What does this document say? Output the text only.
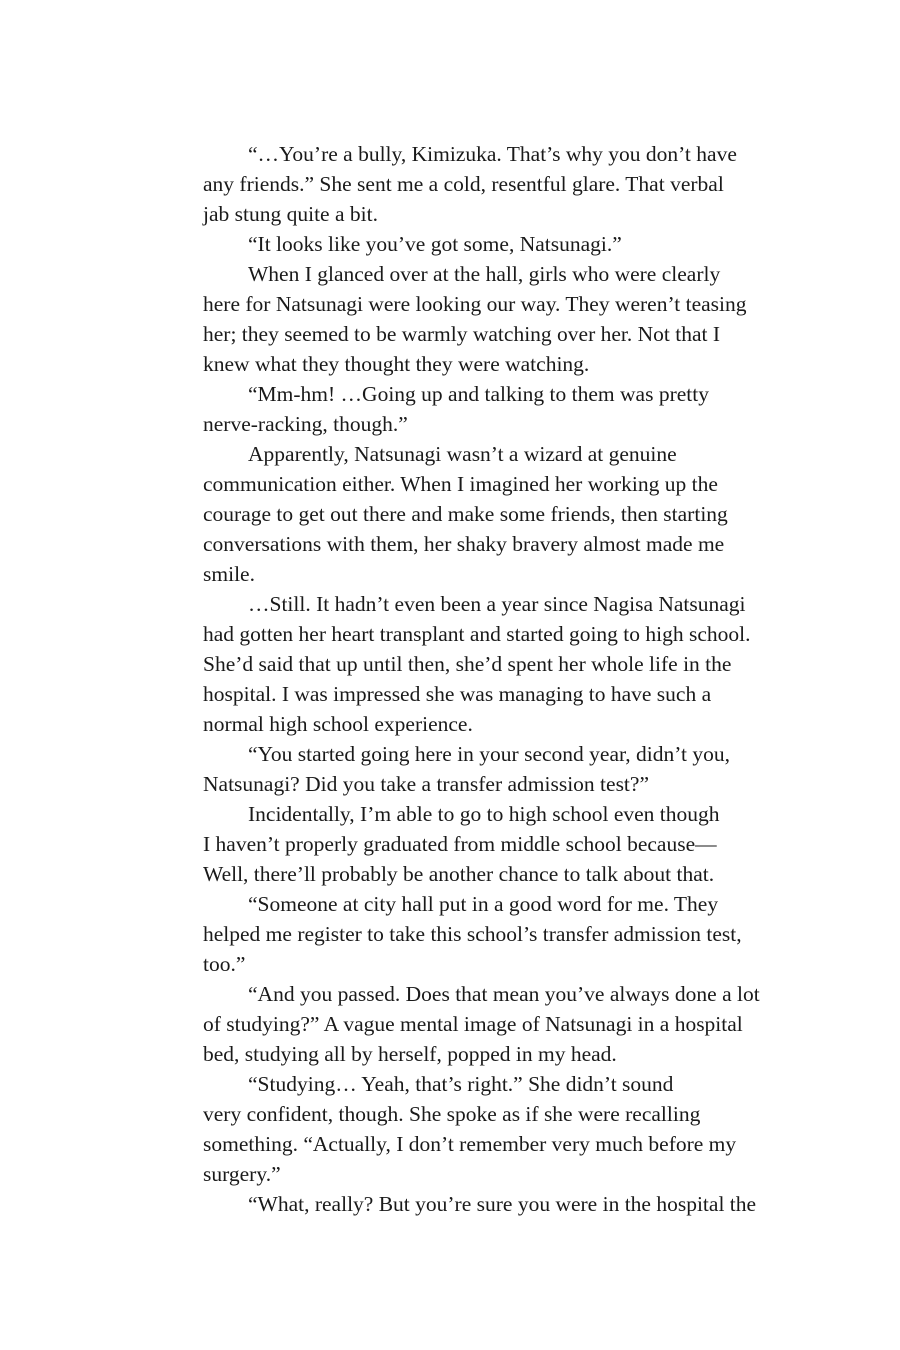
“…You’re a bully, Kimizuka. That’s why you don’t have
any friends.” She sent me a cold, resentful glare. That verbal
jab stung quite a bit.
“It looks like you’ve got some, Natsunagi.”
When I glanced over at the hall, girls who were clearly
here for Natsunagi were looking our way. They weren’t teasing
her; they seemed to be warmly watching over her. Not that I
knew what they thought they were watching.
“Mm-hm! …Going up and talking to them was pretty
nerve-racking, though.”
Apparently, Natsunagi wasn’t a wizard at genuine
communication either. When I imagined her working up the
courage to get out there and make some friends, then starting
conversations with them, her shaky bravery almost made me
smile.
…Still. It hadn’t even been a year since Nagisa Natsunagi
had gotten her heart transplant and started going to high school.
She’d said that up until then, she’d spent her whole life in the
hospital. I was impressed she was managing to have such a
normal high school experience.
“You started going here in your second year, didn’t you,
Natsunagi? Did you take a transfer admission test?”
Incidentally, I’m able to go to high school even though
I haven’t properly graduated from middle school because—
Well, there’ll probably be another chance to talk about that.
“Someone at city hall put in a good word for me. They
helped me register to take this school’s transfer admission test,
too.”
“And you passed. Does that mean you’ve always done a lot
of studying?” A vague mental image of Natsunagi in a hospital
bed, studying all by herself, popped in my head.
“Studying… Yeah, that’s right.” She didn’t sound
very confident, though. She spoke as if she were recalling
something. “Actually, I don’t remember very much before my
surgery.”
“What, really? But you’re sure you were in the hospital the
